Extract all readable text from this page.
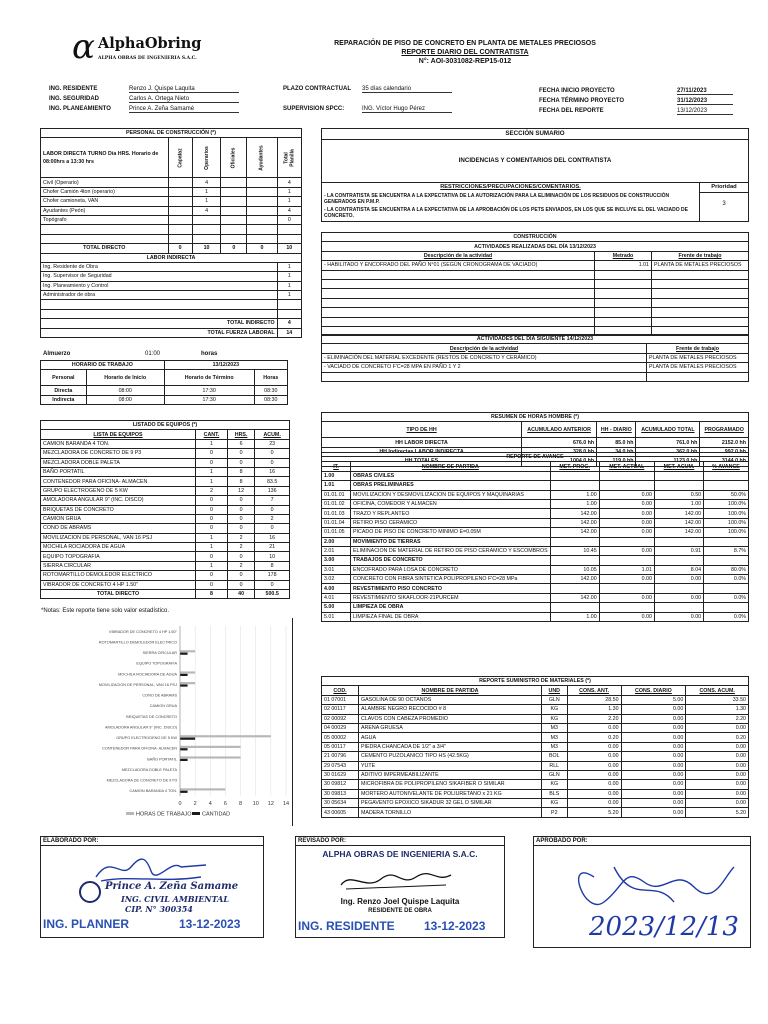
α AlphaObring
ALPHA OBRAS DE INGENIERIA S.A.C.
REPARACIÓN DE PISO DE CONCRETO EN PLANTA DE METALES PRECIOSOS
REPORTE DIARIO DEL CONTRATISTA
N°: AOI-3031082-REP15-012
ING. RESIDENTE	Renzo J. Quispe Laquita
ING. SEGURIDAD	Carlos A. Ortega Nieto
ING. PLANEAMIENTO	Prince A. Zeña Samamé
PLAZO CONTRACTUAL 35 días calendario
SUPERVISION SPCC:	ING. Víctor Hugo Pérez
FECHA INICIO PROYECTO	27/11/2023
FECHA TÉRMINO PROYECTO	31/12/2023
FECHA DEL REPORTE	13/12/2023
PERSONAL DE CONSTRUCCIÓN (*)					
LABOR DIRECTA TURNO Día HRS. Horario de 08:00hrs a 13:30 hrs	Capataz	Operarios	Oficiales	Ayudantes	Total Planilla

Civil (Operario)		4			4
Chofer Camión 4ton (operario)		1			1
Chofer camioneta, VAN		1			1
Ayudantes (Peón)		4			4
Topógrafo					0

TOTAL DIRECTO	0	10	0	0	10
LABOR INDIRECTA					
Ing. Residente de Obra					1
Ing. Supervisor de Seguridad					1
Ing. Planeamiento y Control					1
Administrador de obra					1

TOTAL INDIRECTO					4
TOTAL FUERZA LABORAL					14
Almuerzo	01:00	horas
HORARIO DE TRABAJO		13/12/2023	
Personal	Horario de Inicio	Horario de Término	Horas
Directa	08:00	17:30	08:30
Indirecta	08:00	17:30	08:30
LISTADO DE EQUIPOS (*)			
LISTA DE EQUIPOS	CANT.	HRS.	ACUM.
CAMION BARANDA 4 TON.	1	6	23
MEZCLADORA DE CONCRETO DE 9 P3	0	0	0
MEZCLADORA DOBLE PALETA	0	0	0
BAÑO PORTATIL	1	8	16
CONTENEDOR PARA OFICINA- ALMACEN	1	8	83.5
GRUPO ELECTROGENO DE 5 KW	2	12	136
AMOLADORA ANGULAR 9" (INC. DISCO)	0	0	7
BRIQUETAS DE CONCRETO	0	0	0
CAMION GRUA	0	0	2
CONO DE ABRAMS	0	0	0
MOVILIZACION DE PERSONAL, VAN 16 PSJ	1	2	16
MOCHILA ROCIADORA DE AGUA	1	2	21
EQUIPO TOPOGRAFIA	0	0	10
SIERRA CIRCULAR	1	2	8
ROTOMARTILLO DEMOLEDOR ELECTRICO	0	0	178
VIBRADOR DE CONCRETO 4 HP 1.50"	0	0	0
TOTAL DIRECTO	8	40	500.5
*Notas: Este reporte tiene solo valor estadístico.
0 2 4 6 8 10 12 14
VIBRADOR DE CONCRETO 4 HP 1.50"
ROTOMARTILLO DEMOLEDOR ELECTRICO
SIERRA CIRCULAR
EQUIPO TOPOGRAFIA
MOCHILA ROCIADORA DE AGUA
MOVILIZACION DE PERSONAL, VAN 16 PSJ
CONO DE ABRAMS
CAMION GRUA
BRIQUETAS DE CONCRETO
AMOLADORA ANGULAR 9" (INC. DISCO)
GRUPO ELECTROGENO DE 5 KW
CONTENEDOR PARA OFICINA- ALMACEN
BAÑO PORTATIL
MEZCLADORA DOBLE PALETA
MEZCLADORA DE CONCRETO DE 9 P3
CAMION BARANDA 4 TON.
HORAS DE TRABAJO CANTIDAD
SECCIÓN SUMARIO
INCIDENCIAS Y COMENTARIOS DEL CONTRATISTA
RESTRICCIONES/PRECUPACIONES/COMENTARIOS.
- LA CONTRATISTA SE ENCUENTRA A LA EXPECTATIVA DE LA AUTORIZACIÓN PARA LA ELIMINACIÓN DE LOS RESIDUOS DE CONSTRUCCIÓN GENERADOS EN P.M.P.
- LA CONTRATISTA SE ENCUENTRA A LA EXPECTATIVA DE LA APROBACIÓN DE LOS PETS ENVIADOS, EN LOS QUE SE INCLUYE EL DEL VACIADO DE CONCRETO.
Prioridad
3
CONSTRUCCIÓN		
ACTIVIDADES REALIZADAS DEL DÍA 13/12/2023		
Descripción de la actividad	Metrado	Frente de trabajo
- HABILITADO Y ENCOFRADO DEL PAÑO N°01 (SEGÚN CRONOGRAMA DE VACIADO)	1.01	PLANTA DE METALES PRECIOSOS

ACTIVIDADES DEL DÍA SIGUIENTE 14/12/2023	
Descripción de la actividad	Frente de trabajo
- ELIMINACIÓN DEL MATERIAL EXCEDENTE (RESTOS DE CONCRETO Y CERÁMICO)	PLANTA DE METALES PRECIOSOS
- VACIADO DE CONCRETO F'C=28 MPA EN PAÑO 1 Y 2	PLANTA DE METALES PRECIOSOS

RESUMEN DE HORAS HOMBRE (*)				
TIPO DE HH	ACUMULADO ANTERIOR	HH - DIARIO	ACUMULADO TOTAL	PROGRAMADO
HH LABOR DIRECTA	676.0 hh	85.0 hh	761.0 hh	2152.0 hh
HH Indirectas LABOR INDIRECTA	328.0 hh	34.0 hh	362.0 hh	992.0 hh
HH TOTALES	1004.0 hh	119.0 hh	1123.0 hh	3144.0 hh
REPORTE DE AVANCE					
IT.	NOMBRE DE PARTIDA	MET. PROG.	MET. ACTUAL	MET. ACUM.	% AVANCE
1.00	OBRAS CIVILES				
1.01	OBRAS PRELIMINARES				
01.01.01	MOVILIZACION Y DESMOVILIZACION DE EQUIPOS Y MAQUINARIAS	1.00	0.00	0.50	50.0%
01.01.02	OFICINA, COMEDOR Y ALMACEN	1.00	0.00	1.00	100.0%
01.01.03	TRAZO Y REPLANTEO	142.00	0.00	142.00	100.0%
01.01.04	RETIRO PISO CERAMICO	142.00	0.00	142.00	100.0%
01.01.05	PICADO DE PISO DE CONCRETO MINIMO E=0.05M	142.00	0.00	142.00	100.0%
2.00	MOVIMIENTO DE TIERRAS				
2.01	ELIMINACION DE MATERIAL DE RETIRO DE PISO CERAMICO Y ESCOMBROS	10.45	0.00	0.91	8.7%
3.00	TRABAJOS DE CONCRETO				
3.01	ENCOFRADO PARA LOSA DE CONCRETO	10.05	1.01	8.04	80.0%
3.02	CONCRETO CON FIBRA SINTETICA POLIPROPILENO F'C=28 MPa	142.00	0.00	0.00	0.0%
4.00	REVESTIMIENTO PISO CONCRETO				
4.01	REVESTIMIENTO SIKAFLOOR-21PURCEM	142.00	0.00	0.00	0.0%
5.00	LIMPIEZA DE OBRA				
5.01	LIMPIEZA FINAL DE OBRA	1.00	0.00	0.00	0.0%
REPORTE SUMINISTRO DE MATERIALES (*)					
COD.	NOMBRE DE PARTIDA	UND	CONS. ANT.	CONS. DIARIO	CONS. ACUM.
01 07001	GASOLINA DE 90 OCTANOS	GLN	28.50	5.00	33.50
02 00117	ALAMBRE NEGRO RECOCIDO # 8	KG	1.30	0.00	1.30
02 00092	CLAVOS CON CABEZA PROMEDIO	KG	2.20	0.00	2.20
04 00029	ARENA GRUESA	M3	0.00	0.00	0.00
05 00002	AGUA	M3	0.20	0.00	0.20
05 00117	PIEDRA CHANCADA DE 1/2" a 3/4"	M3	0.00	0.00	0.00
21 00796	CEMENTO PUZOLANICO TIPO HS (42.5KG)	BOL	0.00	0.00	0.00
29 07543	YUTE	RLL	0.00	0.00	0.00
30 01629	ADITIVO IMPERMEABILIZANTE	GLN	0.00	0.00	0.00
30 09812	MICROFIBRA DE POLIPROPILENO SIKAFIBER O SIMILAR	KG	0.00	0.00	0.00
30 09813	MORTERO AUTONIVELANTE DE POLIURETANO x 21 KG	BLS	0.00	0.00	0.00
30 05634	PEGAVENTO EPOXICO SIKADUR 32 GEL O SIMILAR	KG	0.00	0.00	0.00
43 00605	MADERA TORNILLO	P2	5.20	0.00	5.20
ELABORADO POR:
Prince A. Zeña Samame
ING. CIVIL AMBIENTAL
CIP. N° 300354
ING. PLANNER	13-12-2023
REVISADO POR:
ALPHA OBRAS DE INGENIERIA S.A.C.
Ing. Renzo Joel Quispe Laquita
RESIDENTE DE OBRA
ING. RESIDENTE 13-12-2023
APROBADO POR:
2023/12/13
